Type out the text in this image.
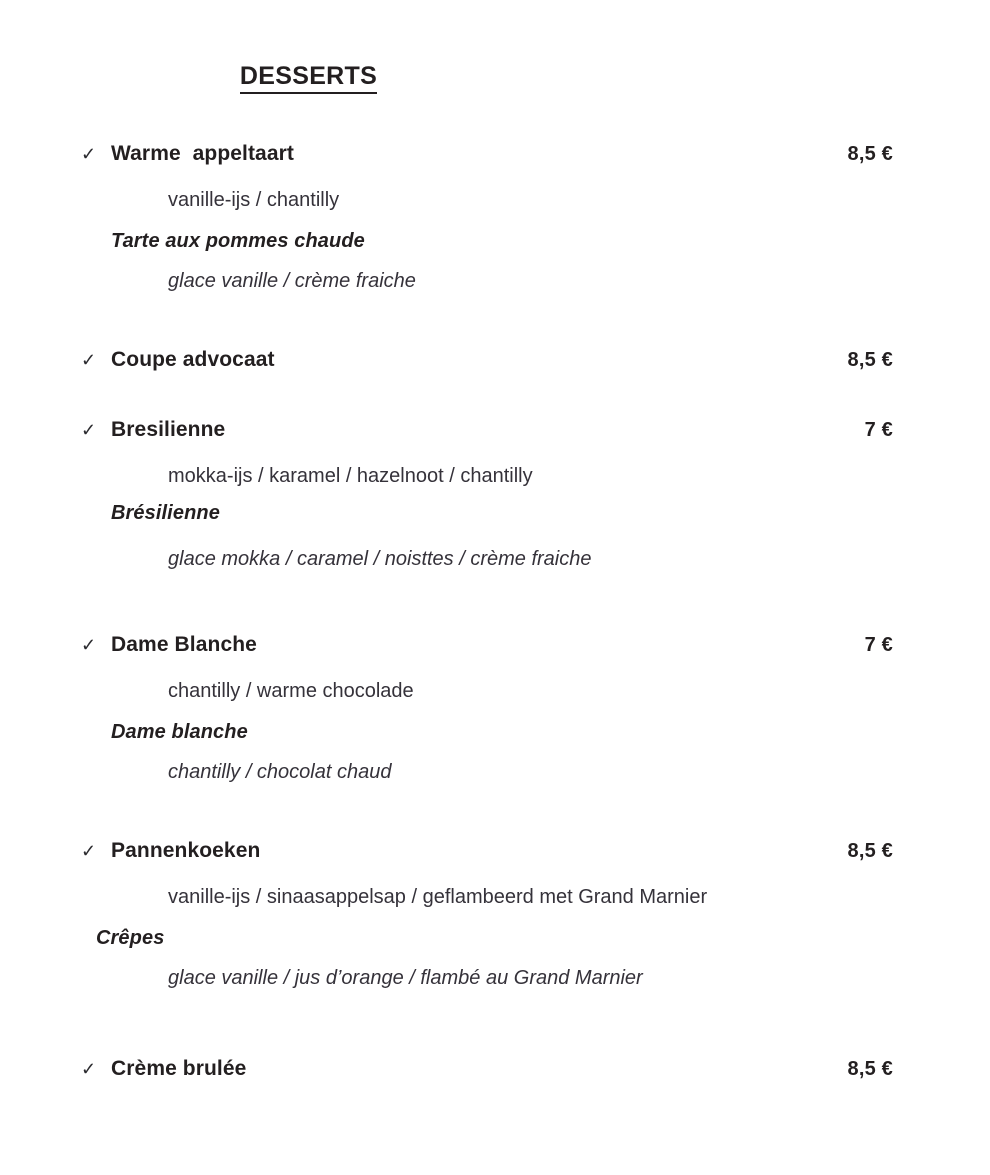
DESSERTS
✓ Warme  appeltaart	8,5 €
vanille-ijs / chantilly
Tarte aux pommes chaude
glace vanille / crème fraiche
✓ Coupe advocaat	8,5 €
✓ Bresilienne	7 €
mokka-ijs / karamel / hazelnoot / chantilly
Brésilienne
glace mokka / caramel / noisttes / crème fraiche
✓ Dame Blanche	7 €
chantilly / warme chocolade
Dame blanche
chantilly / chocolat chaud
✓ Pannenkoeken	8,5 €
vanille-ijs / sinaasappelsap / geflambeerd met Grand Marnier
Crêpes
glace vanille / jus d’orange / flambé au Grand Marnier
✓ Crème brulée	8,5 €
